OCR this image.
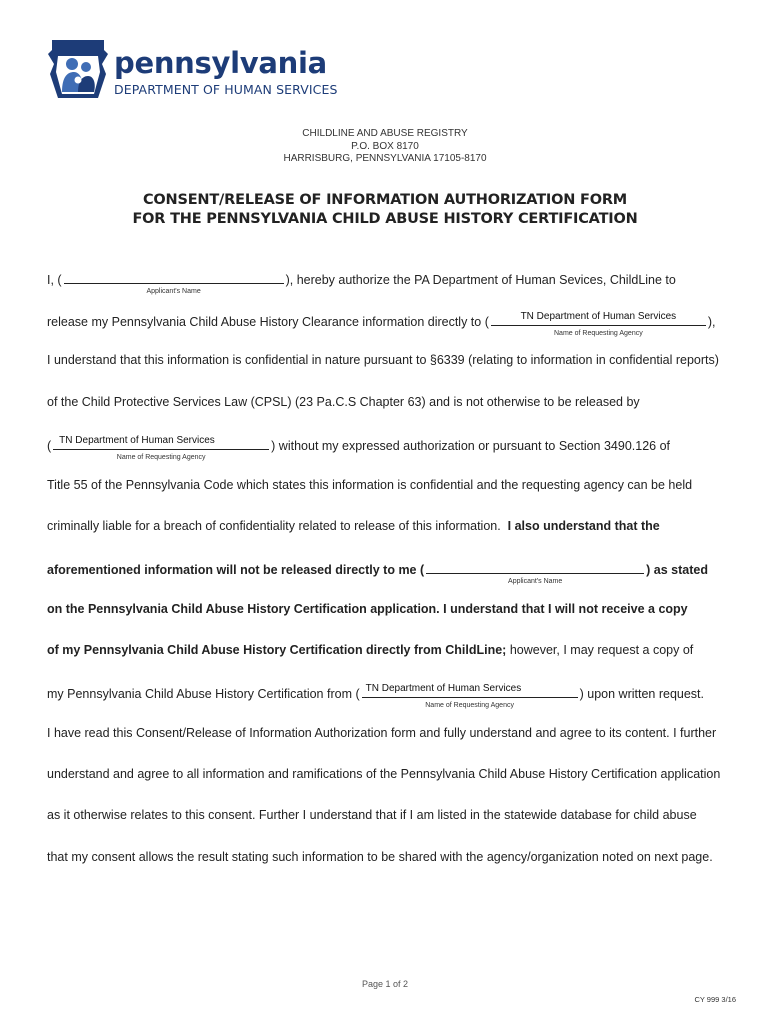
pennsylvania
DEPARTMENT OF HUMAN SERVICES
CHILDLINE AND ABUSE REGISTRY
P.O. BOX 8170
HARRISBURG, PENNSYLVANIA 17105-8170
CONSENT/RELEASE OF INFORMATION AUTHORIZATION FORM
FOR THE PENNSYLVANIA CHILD ABUSE HISTORY CERTIFICATION
I, (
Applicant's Name
), hereby authorize the PA Department of Human Sevices, ChildLine to
release my Pennsylvania Child Abuse History Clearance information directly to (	TN Department of Human Services
Name of Requesting Agency
),
I understand that this information is confidential in nature pursuant to §6339 (relating to information in confidential reports)
of the Child Protective Services Law (CPSL) (23 Pa.C.S Chapter 63) and is not otherwise to be released by
( TN Department of Human Services
Name of Requesting Agency
) without my expressed authorization or pursuant to Section 3490.126 of
Title 55 of the Pennsylvania Code which states this information is confidential and the requesting agency can be held
criminally liable for a breach of confidentiality related to release of this information. I also understand that the
aforementioned information will not be released directly to me (
Applicant's Name
) as stated
on the Pennsylvania Child Abuse History Certification application. I understand that I will not receive a copy
of my Pennsylvania Child Abuse History Certification directly from ChildLine; however, I may request a copy of
my Pennsylvania Child Abuse History Certification from ( TN Department of Human Services
Name of Requesting Agency
) upon written request.
I have read this Consent/Release of Information Authorization form and fully understand and agree to its content. I further
understand and agree to all information and ramifications of the Pennsylvania Child Abuse History Certification application
as it otherwise relates to this consent. Further I understand that if I am listed in the statewide database for child abuse
that my consent allows the result stating such information to be shared with the agency/organization noted on next page.
Page 1 of 2
CY 999 3/16
